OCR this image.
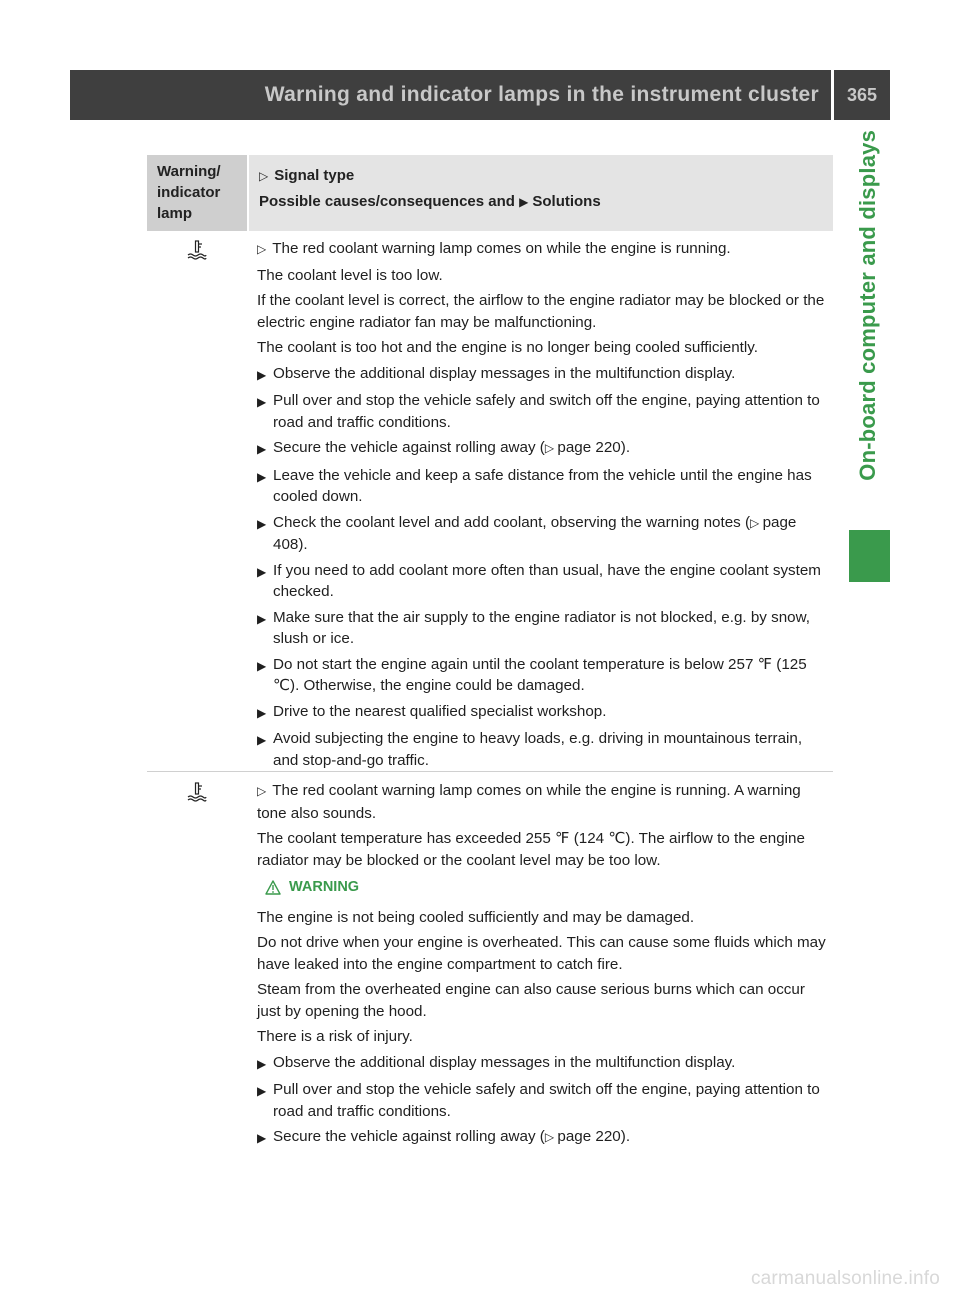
Warning and indicator lamps in the instrument cluster	365
On-board computer and displays
Warning/
indicator
lamp
▷ Signal type
Possible causes/consequences and ▶ Solutions

▷ The red coolant warning lamp comes on while the engine is running.

The coolant level is too low.

If the coolant level is correct, the airflow to the engine radiator may be blocked or the electric engine radiator fan may be malfunctioning.

The coolant is too hot and the engine is no longer being cooled sufficiently.

▶ Observe the additional display messages in the multifunction display.
▶ Pull over and stop the vehicle safely and switch off the engine, paying attention to road and traffic conditions.
▶ Secure the vehicle against rolling away (▷ page 220).
▶ Leave the vehicle and keep a safe distance from the vehicle until the engine has cooled down.
▶ Check the coolant level and add coolant, observing the warning notes (▷ page 408).
▶ If you need to add coolant more often than usual, have the engine coolant system checked.
▶ Make sure that the air supply to the engine radiator is not blocked, e.g. by snow, slush or ice.
▶ Do not start the engine again until the coolant temperature is below 257 ℉ (125 ℃). Otherwise, the engine could be damaged.
▶ Drive to the nearest qualified specialist workshop.
▶ Avoid subjecting the engine to heavy loads, e.g. driving in mountainous terrain, and stop-and-go traffic.

▷ The red coolant warning lamp comes on while the engine is running. A warning tone also sounds.

The coolant temperature has exceeded 255 ℉ (124 ℃). The airflow to the engine radiator may be blocked or the coolant level may be too low.

WARNING

The engine is not being cooled sufficiently and may be damaged.

Do not drive when your engine is overheated. This can cause some fluids which may have leaked into the engine compartment to catch fire.

Steam from the overheated engine can also cause serious burns which can occur just by opening the hood.

There is a risk of injury.

▶ Observe the additional display messages in the multifunction display.
▶ Pull over and stop the vehicle safely and switch off the engine, paying attention to road and traffic conditions.
▶ Secure the vehicle against rolling away (▷ page 220).
carmanualsonline.info
